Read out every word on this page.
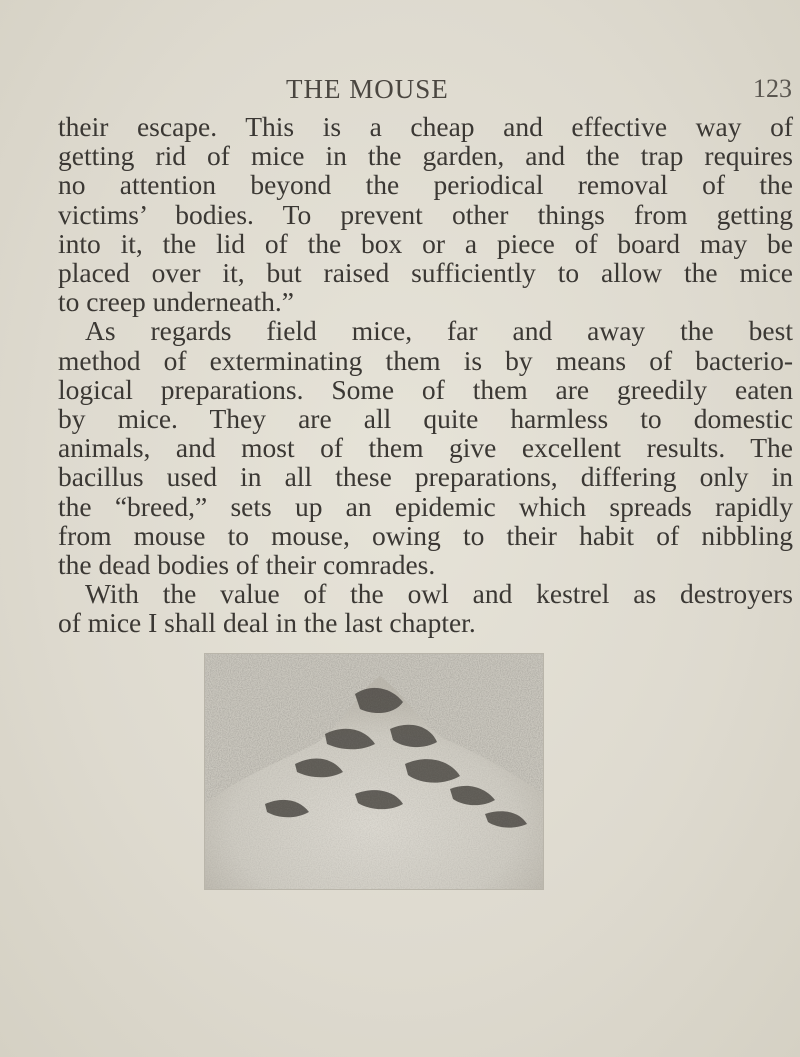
THE MOUSE	123
their escape. This is a cheap and effective way of
getting rid of mice in the garden, and the trap requires
no attention beyond the periodical removal of the
victims’ bodies. To prevent other things from getting
into it, the lid of the box or a piece of board may be
placed over it, but raised sufficiently to allow the mice
to creep underneath.”
As regards field mice, far and away the best
method of exterminating them is by means of bacterio-
logical preparations. Some of them are greedily eaten
by mice. They are all quite harmless to domestic
animals, and most of them give excellent results. The
bacillus used in all these preparations, differing only in
the “breed,” sets up an epidemic which spreads rapidly
from mouse to mouse, owing to their habit of nibbling
the dead bodies of their comrades.
With the value of the owl and kestrel as destroyers
of mice I shall deal in the last chapter.
